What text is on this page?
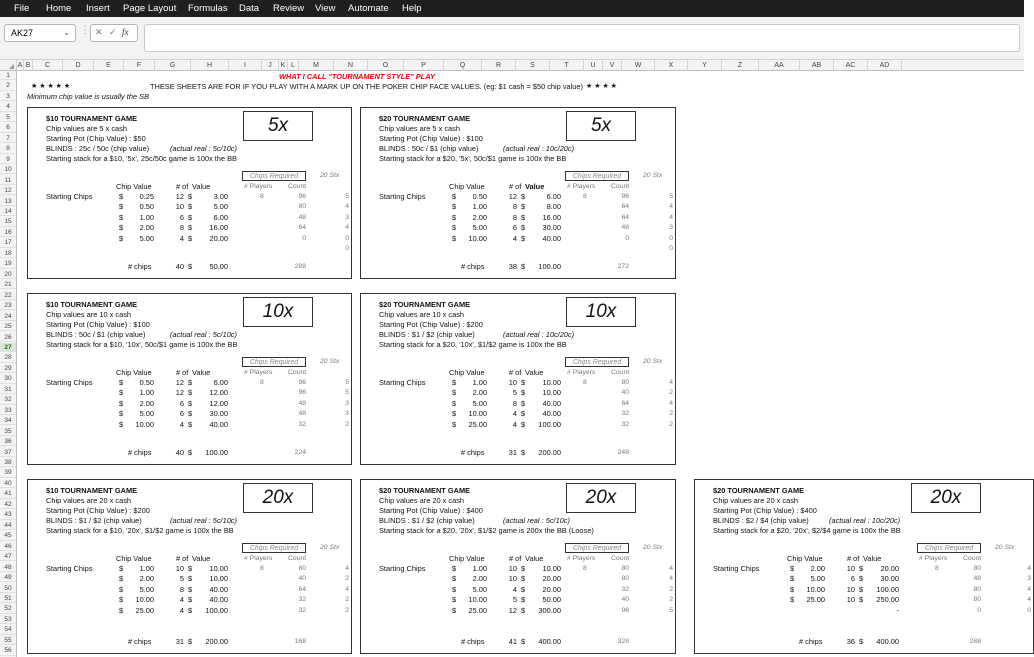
File Home Insert Page Layout Formulas Data Review View Automate Help
AK27	⌄ ⋮ ✕ ✓ fx
A B	C	D	E	F	G	H	I	J	K L	M	N	O	P	Q	R	S	T	U	V	W	X	Y	Z	AA	AB	AC	AD
1
2
3
4
5
6
7
8
9
10
11
12
13
14
15
16
17
18
19
20
21
22
23
24
25
26
27
28
29
30
31
32
33
34
35
36
37
38
39
40
41
42
43
44
45
46
47
48
49
50
51
52
53
54
55
56
WHAT I CALL "TOURNAMENT STYLE" PLAY
★ ★ ★ ★ ★	THESE SHEETS ARE FOR IF YOU PLAY WITH A MARK UP ON THE POKER CHIP FACE VALUES. (eg: $1 cash = $50 chip value) ★ ★ ★ ★
Minimum chip value is usually the SB
$10 TOURNAMENT GAME
Chip values are 5 x cash
Starting Pot (Chip Value) : $50
BLINDS : 25c / 50c (chip value)	(actual real : 5c/10c)
Starting stack for a $10, '5x', 25c/50c game is 100x the BB
5x
Chips Required	20 Stx
Chip Value	# of Value	# Players Count
Starting Chips	8
$	0.25	12 $	3.00	96	5
$	0.50	10 $	5.00	80	4
$	1.00	6 $	6.00	48	3
$	2.00	8 $	16.00	64	4
$	5.00	4 $	20.00	0	0
0
# chips	40 $	50.00	288
$20 TOURNAMENT GAME
Chip values are 5 x cash
Starting Pot (Chip Value) : $100
BLINDS : 50c / $1 (chip value)	(actual real : 10c/20c)
Starting stack for a $20, '5x', 50c/$1 game is 100x the BB
5x
Chips Required	20 Stx
Chip Value	# of Value	# Players Count
Starting Chips	8
$	0.50	12 $	6.00	96	5
$	1.00	8 $	8.00	64	4
$	2.00	8 $	16.00	64	4
$	5.00	6 $	30.00	48	3
$	10.00	4 $	40.00	0	0
0
# chips	38 $	100.00	272
$10 TOURNAMENT GAME
Chip values are 10 x cash
Starting Pot (Chip Value) : $100
BLINDS : 50c / $1 (chip value)	(actual real : 5c/10c)
Starting stack for a $10, '10x', 50c/$1 game is 100x the BB
10x
Chips Required	20 Stx
Chip Value	# of Value	# Players Count
Starting Chips	8
$	0.50	12 $	6.00	96	5
$	1.00	12 $	12.00	96	5
$	2.00	6 $	12.00	48	3
$	5.00	6 $	30.00	48	3
$	10.00	4 $	40.00	32	2
# chips	40 $	100.00	224
$20 TOURNAMENT GAME
Chip values are 10 x cash
Starting Pot (Chip Value) : $200
BLINDS : $1 / $2 (chip value)	(actual real : 10c/20c)
Starting stack for a $20, '10x', $1/$2 game is 100x the BB
10x
Chips Required	20 Stx
Chip Value	# of Value	# Players Count
Starting Chips	8
$	1.00	10 $	10.00	80	4
$	2.00	5 $	10.00	40	2
$	5.00	8 $	40.00	64	4
$	10.00	4 $	40.00	32	2
$	25.00	4 $	100.00	32	2
# chips	31 $	200.00	248
$10 TOURNAMENT GAME
Chip values are 20 x cash
Starting Pot (Chip Value) : $200
BLINDS : $1 / $2 (chip value)	(actual real : 5c/10c)
Starting stack for a $10, '20x', $1/$2 game is 100x the BB
20x
Chips Required	20 Stx
Chip Value	# of Value	# Players Count
Starting Chips	8
$	1.00	10 $	10.00	80	4
$	2.00	5 $	10.00	40	2
$	5.00	8 $	40.00	64	4
$	10.00	4 $	40.00	32	2
$	25.00	4 $	100.00	32	2
# chips	31 $	200.00	168
$20 TOURNAMENT GAME
Chip values are 20 x cash
Starting Pot (Chip Value) : $400
BLINDS : $1 / $2 (chip value)	(actual real : 5c/10c)
Starting stack for a $20, '20x', $1/$2 game is 200x the BB (Loose)
20x
Chips Required	20 Stx
Chip Value	# of Value	# Players Count
Starting Chips	8
$	1.00	10 $	10.00	80	4
$	2.00	10 $	20.00	80	4
$	5.00	4 $	20.00	32	2
$	10.00	5 $	50.00	40	2
$	25.00	12 $	300.00	96	5
# chips	41 $	400.00	328
$20 TOURNAMENT GAME
Chip values are 20 x cash
Starting Pot (Chip Value) : $400
BLINDS : $2 / $4 (chip value)	(actual real : 10c/20c)
Starting stack for a $20, '20x', $2/$4 game is 100x the BB
20x
Chips Required	20 Stx
Chip Value	# of Value	# Players Count
Starting Chips	8
$	2.00	10 $	20.00	80	4
$	5.00	6 $	30.00	48	3
$	10.00	10 $	100.00	80	4
$	25.00	10 $	250.00	80	4
-	0	0
# chips	36 $	400.00	288
